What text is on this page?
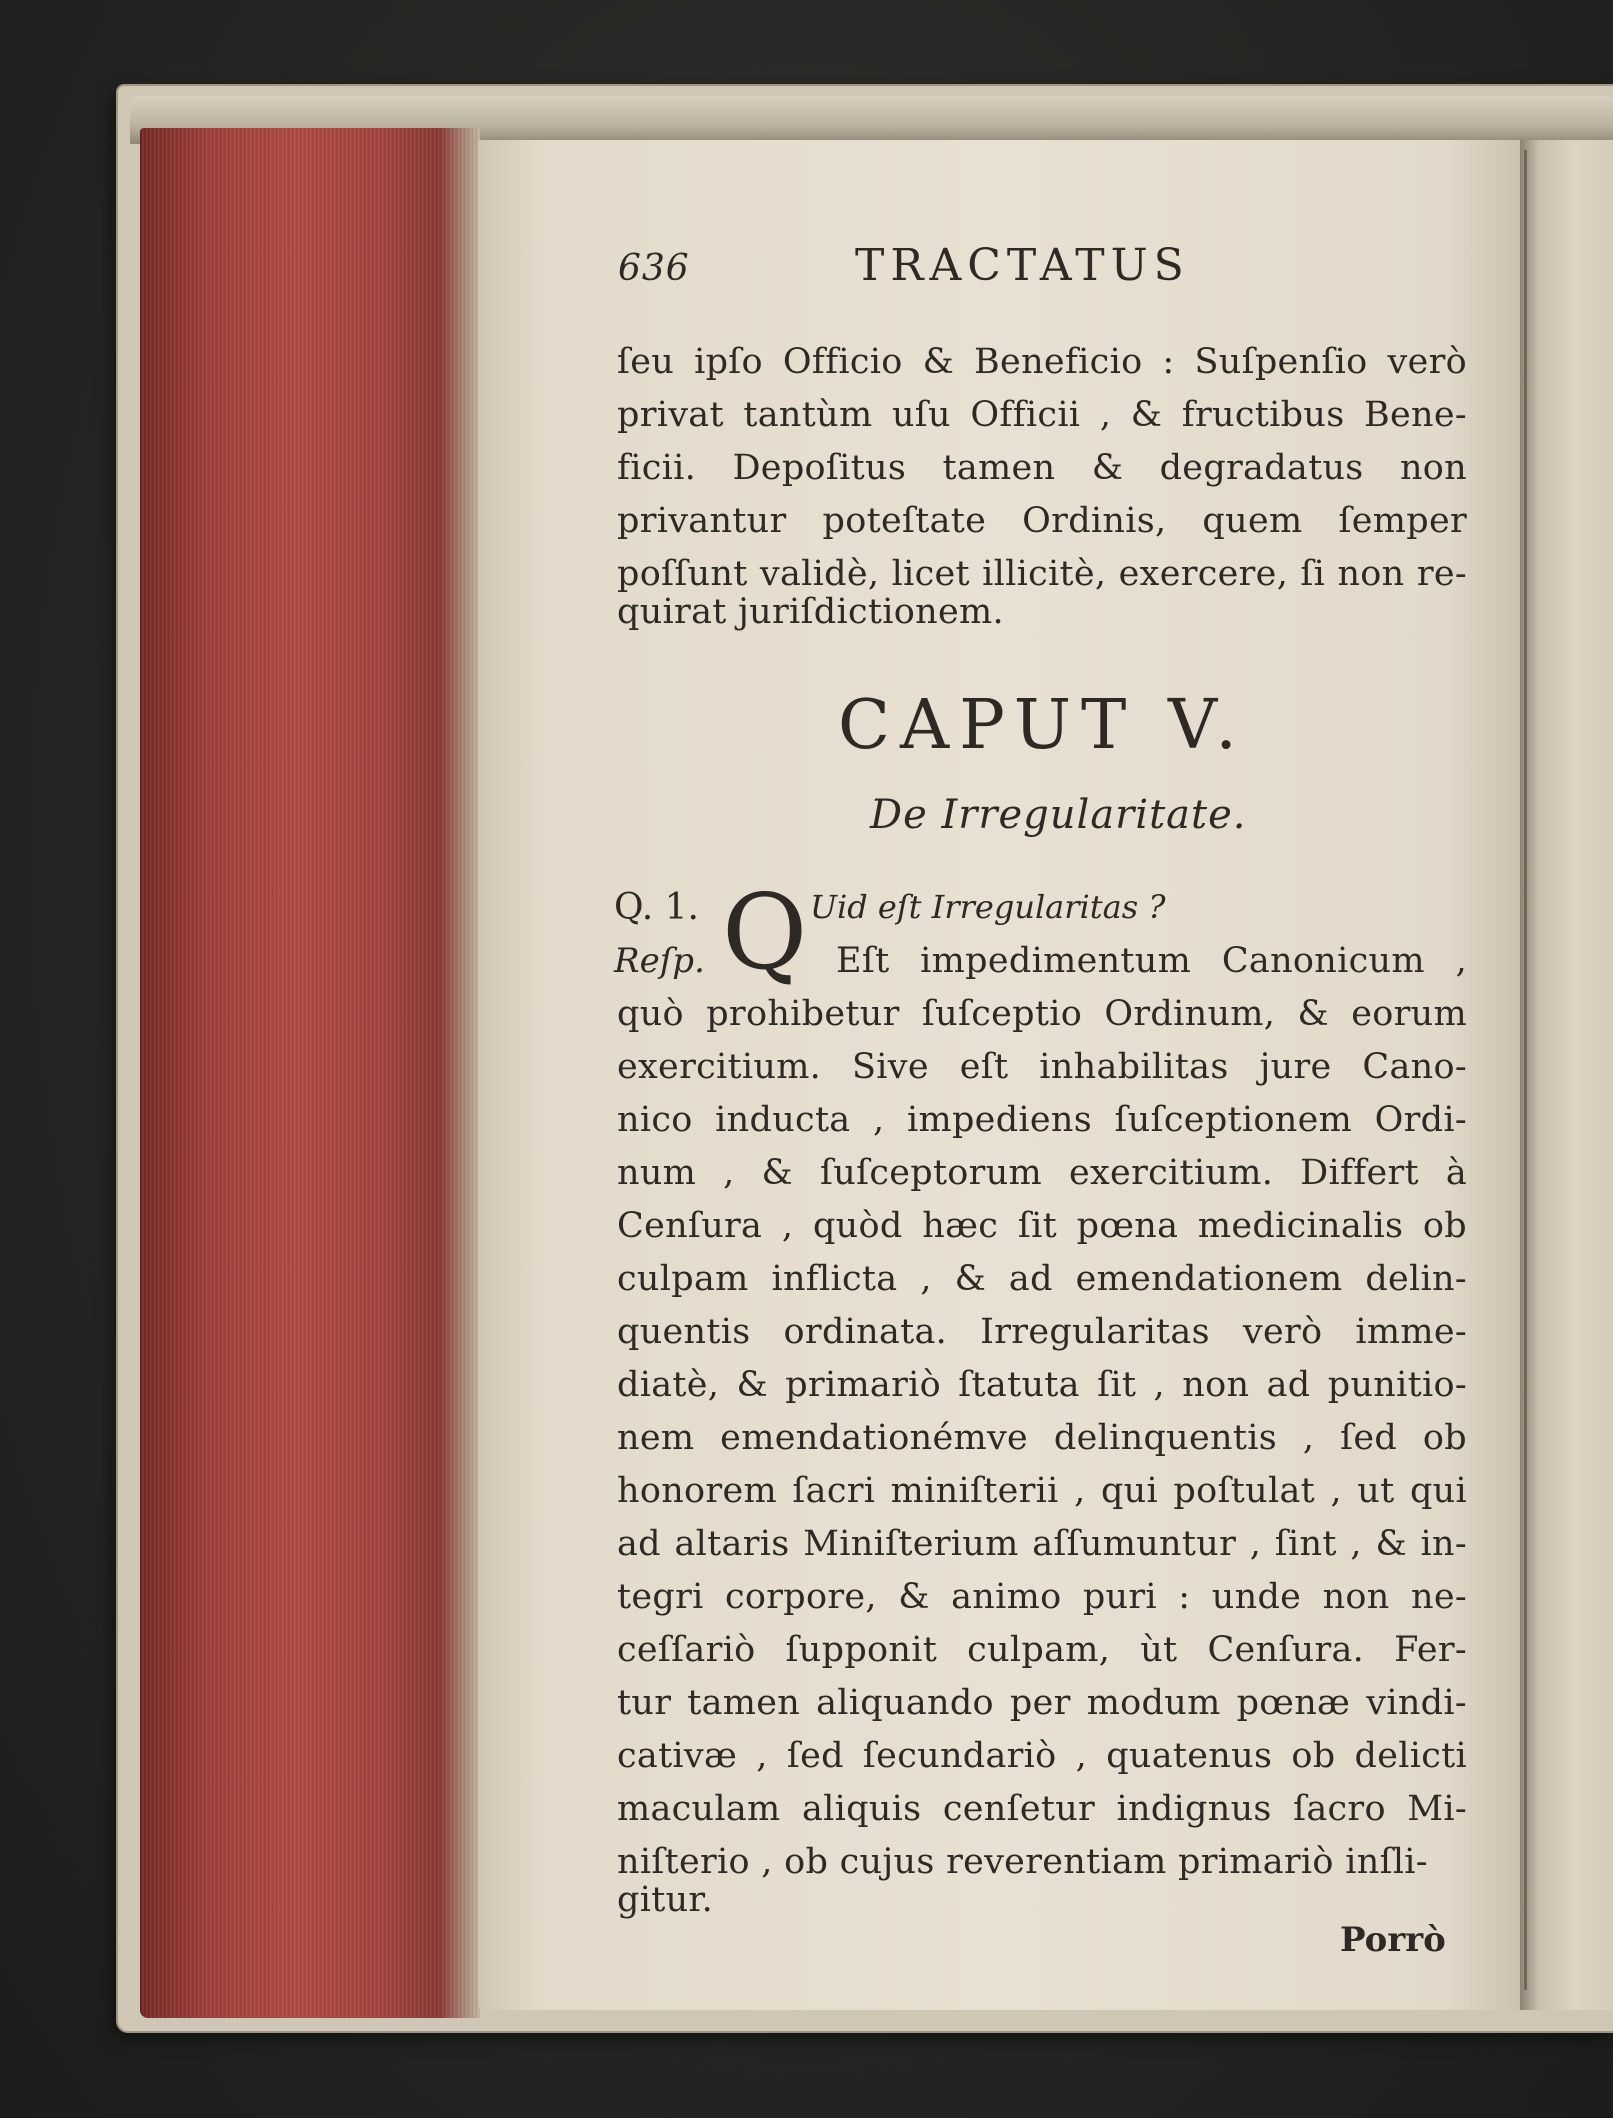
636	TRACTATUS
ſeu ipſo Officio & Beneficio : Suſpenſio verò
privat tantùm uſu Officii , & fructibus Bene-
ficii. Depoſitus tamen & degradatus non
privantur poteſtate Ordinis, quem ſemper
poſſunt validè, licet illicitè, exercere, ſi non re-
quirat juriſdictionem.
CAPUT V.
De Irregularitate.
Q. 1. Q Uid eſt Irregularitas ?
Reſp.	Eſt impedimentum Canonicum ,
quò prohibetur ſuſceptio Ordinum, & eorum
exercitium. Sive eſt inhabilitas jure Cano-
nico inducta , impediens ſuſceptionem Ordi-
num , & ſuſceptorum exercitium. Differt à
Cenſura , quòd hæc ſit pœna medicinalis ob
culpam inflicta , & ad emendationem delin-
quentis ordinata. Irregularitas verò imme-
diatè, & primariò ſtatuta ſit , non ad punitio-
nem emendationémve delinquentis , ſed ob
honorem ſacri miniſterii , qui poſtulat , ut qui
ad altaris Miniſterium aſſumuntur , ſint , & in-
tegri corpore, & animo puri : unde non ne-
ceſſariò ſupponit culpam, ùt Cenſura. Fer-
tur tamen aliquando per modum pœnæ vindi-
cativæ , ſed ſecundariò , quatenus ob delicti
maculam aliquis cenſetur indignus ſacro Mi-
niſterio , ob cujus reverentiam primariò inſli-
gitur.
Porrò
